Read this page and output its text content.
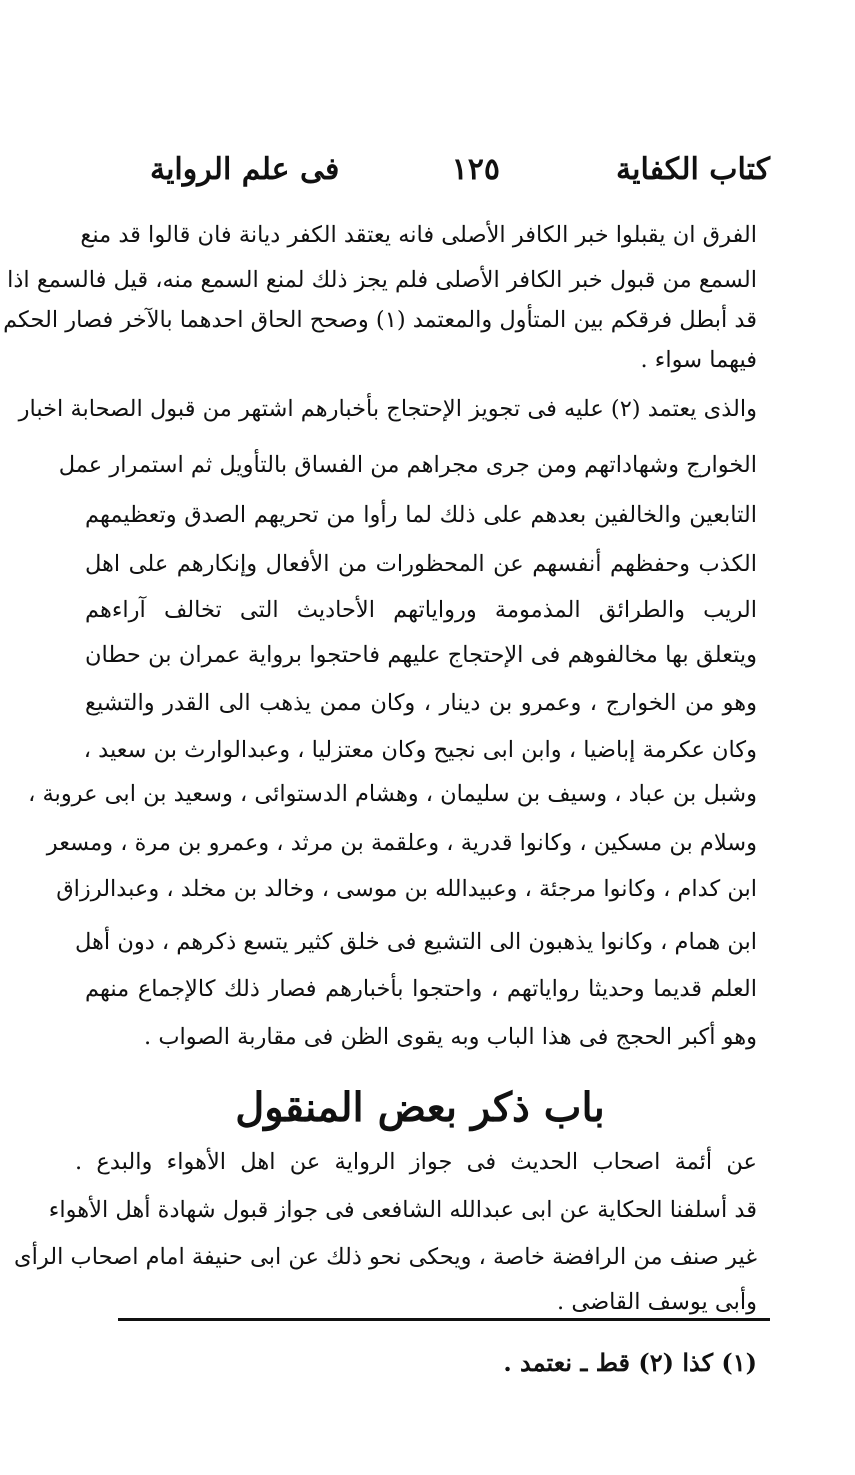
كتاب الكفاية
١٢٥
فى علم الرواية
الفرق ان يقبلوا خبر الكافر الأصلى فانه يعتقد الكفر ديانة فان قالوا قد منع
السمع من قبول خبر الكافر الأصلى فلم يجز ذلك لمنع السمع منه، قيل فالسمع اذا
قد أبطل فرقكم بين المتأول والمعتمد (١) وصحح الحاق احدهما بالآخر فصار الحكم
فيهما سواء .
والذى يعتمد (٢) عليه فى تجويز الإحتجاج بأخبارهم اشتهر من قبول الصحابة اخبار
الخوارج وشهاداتهم ومن جرى مجراهم من الفساق بالتأويل ثم استمرار عمل
التابعين والخالفين بعدهم على ذلك لما رأوا من تحريهم الصدق وتعظيمهم
الكذب وحفظهم أنفسهم عن المحظورات من الأفعال وإنكارهم على اهل
الريب والطرائق المذمومة ورواياتهم الأحاديث التى تخالف آراءهم
ويتعلق بها مخالفوهم فى الإحتجاج عليهم فاحتجوا برواية عمران بن حطان
وهو من الخوارج ، وعمرو بن دينار ، وكان ممن يذهب الى القدر والتشيع
وكان عكرمة إباضيا ، وابن ابى نجيح وكان معتزليا ، وعبدالوارث بن سعيد ،
وشبل بن عباد ، وسيف بن سليمان ، وهشام الدستوائى ، وسعيد بن ابى عروبة ،
وسلام بن مسكين ، وكانوا قدرية ، وعلقمة بن مرثد ، وعمرو بن مرة ، ومسعر
ابن كدام ، وكانوا مرجئة ، وعبيدالله بن موسى ، وخالد بن مخلد ، وعبدالرزاق
ابن همام ، وكانوا يذهبون الى التشيع فى خلق كثير يتسع ذكرهم ، دون أهل
العلم قديما وحديثا رواياتهم ، واحتجوا بأخبارهم فصار ذلك كالإجماع منهم
وهو أكبر الحجج فى هذا الباب وبه يقوى الظن فى مقاربة الصواب .
باب ذكر بعض المنقول
عن أئمة اصحاب الحديث فى جواز الرواية عن اهل الأهواء والبدع .
قد أسلفنا الحكاية عن ابى عبدالله الشافعى فى جواز قبول شهادة أهل الأهواء
غير صنف من الرافضة خاصة ، ويحكى نحو ذلك عن ابى حنيفة امام اصحاب الرأى
وأبى يوسف القاضى .
(١) كذا (٢) قط ـ نعتمد .
